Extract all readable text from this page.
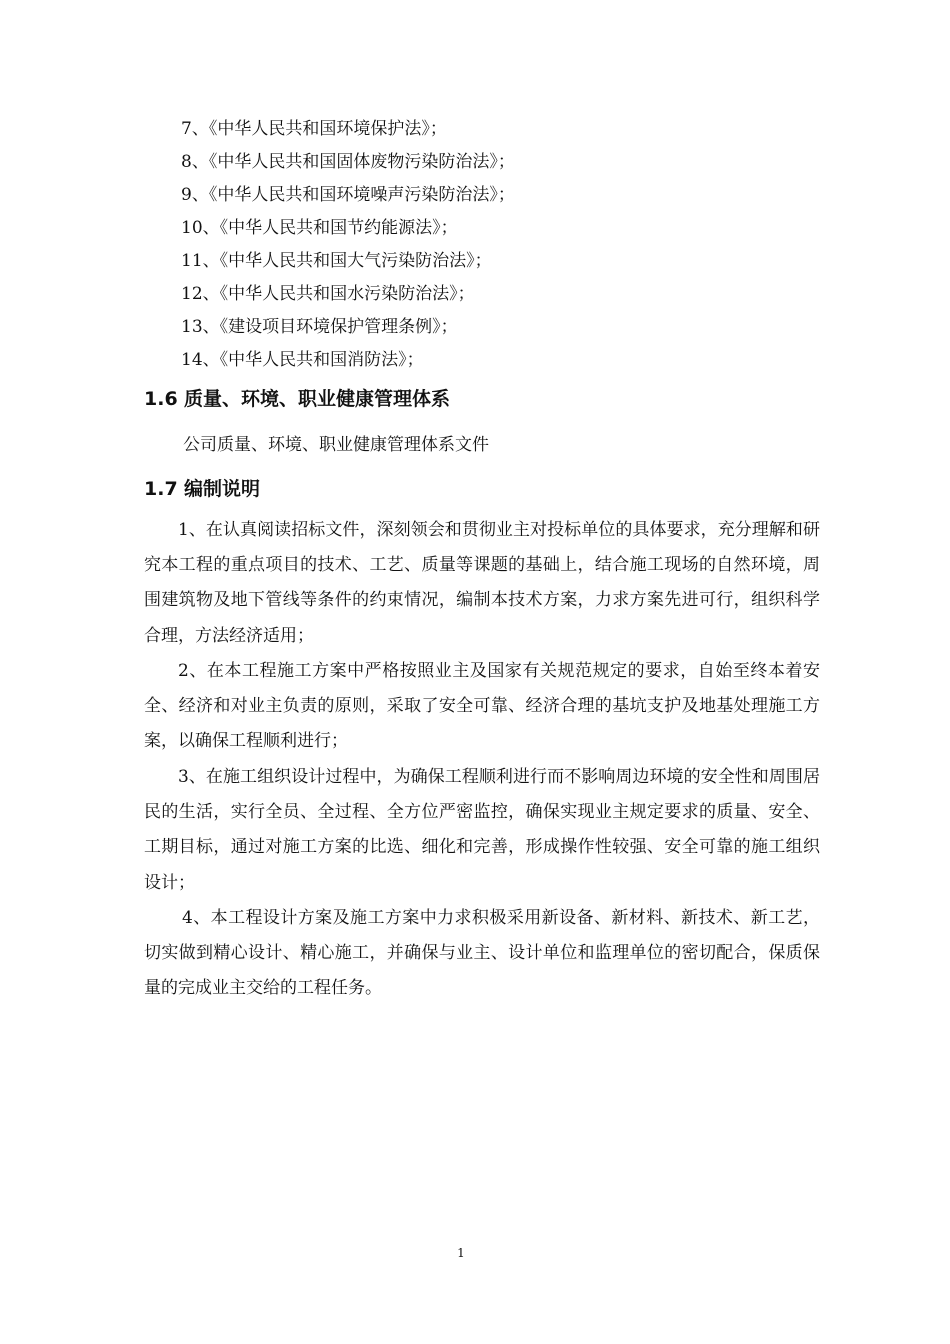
7、《中华人民共和国环境保护法》；
8、《中华人民共和国固体废物污染防治法》；
9、《中华人民共和国环境噪声污染防治法》；
10、《中华人民共和国节约能源法》；
11、《中华人民共和国大气污染防治法》；
12、《中华人民共和国水污染防治法》；
13、《建设项目环境保护管理条例》；
14、《中华人民共和国消防法》；
1.6 质量、环境、职业健康管理体系
公司质量、环境、职业健康管理体系文件
1.7 编制说明

1、在认真阅读招标文件，深刻领会和贯彻业主对投标单位的具体要求，充分理解和研究本工程的重点项目的技术、工艺、质量等课题的基础上，结合施工现场的自然环境，周围建筑物及地下管线等条件的约束情况，编制本技术方案，力求方案先进可行，组织科学合理，方法经济适用；

2、在本工程施工方案中严格按照业主及国家有关规范规定的要求，自始至终本着安全、经济和对业主负责的原则，采取了安全可靠、经济合理的基坑支护及地基处理施工方案，以确保工程顺利进行；

3、在施工组织设计过程中，为确保工程顺利进行而不影响周边环境的安全性和周围居民的生活，实行全员、全过程、全方位严密监控，确保实现业主规定要求的质量、安全、工期目标，通过对施工方案的比选、细化和完善，形成操作性较强、安全可靠的施工组织设计；

4、本工程设计方案及施工方案中力求积极采用新设备、新材料、新技术、新工艺，切实做到精心设计、精心施工，并确保与业主、设计单位和监理单位的密切配合，保质保量的完成业主交给的工程任务。

1
